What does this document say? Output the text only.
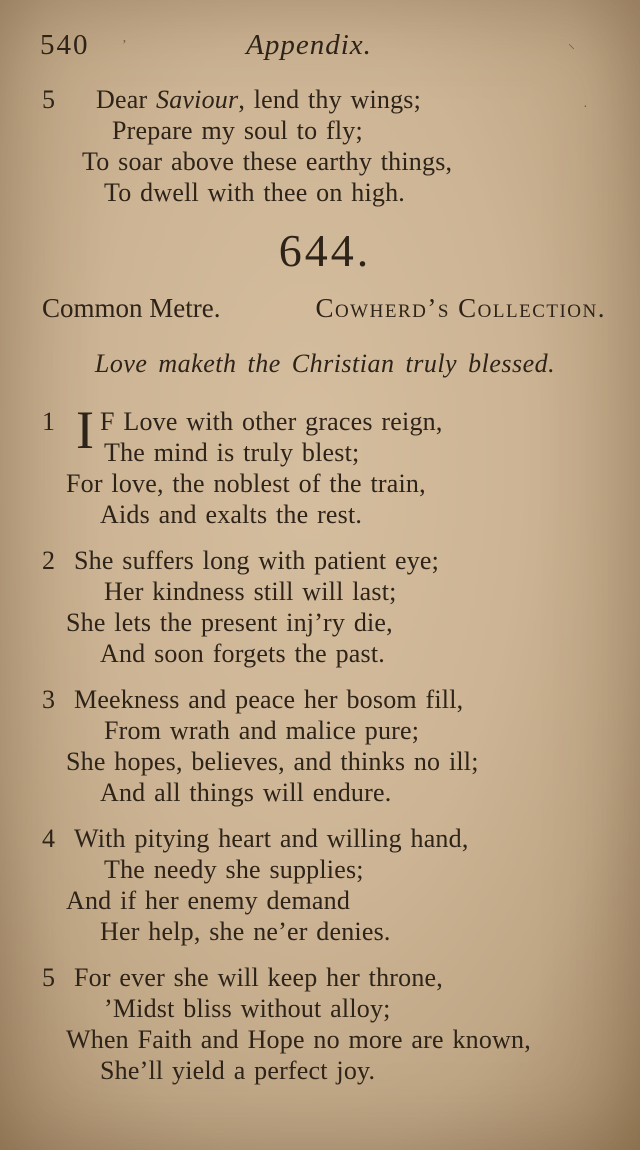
’	⸌
·
540	Appendix.
5 Dear Saviour, lend thy wings;
Prepare my soul to fly;
To soar above these earthy things,
To dwell with thee on high.
644.
Common Metre.	Cowherd’s Collection.
Love maketh the Christian truly blessed.
1 I F Love with other graces reign,
The mind is truly blest;
For love, the noblest of the train,
Aids and exalts the rest.
2 She suffers long with patient eye;
Her kindness still will last;
She lets the present inj’ry die,
And soon forgets the past.
3 Meekness and peace her bosom fill,
From wrath and malice pure;
She hopes, believes, and thinks no ill;
And all things will endure.
4 With pitying heart and willing hand,
The needy she supplies;
And if her enemy demand
Her help, she ne’er denies.
5 For ever she will keep her throne,
’Midst bliss without alloy;
When Faith and Hope no more are known,
She’ll yield a perfect joy.
